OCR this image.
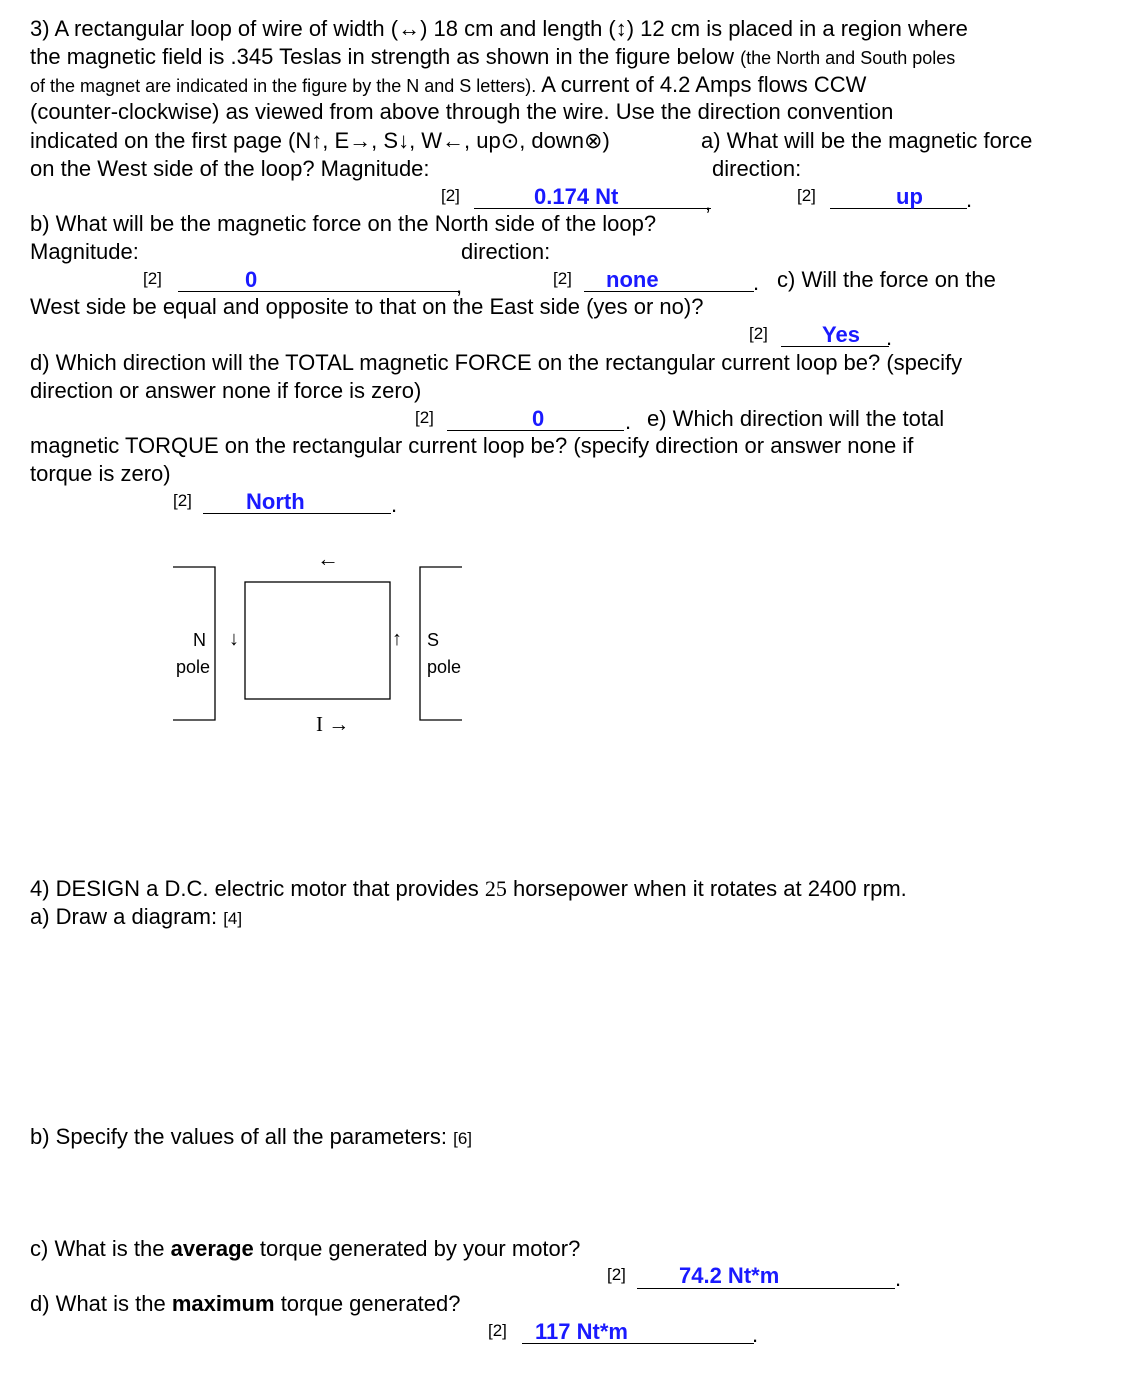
3) A rectangular loop of wire of width (↔) 18 cm and length (↕) 12 cm is placed in a region where
the magnetic field is .345 Teslas in strength as shown in the figure below (the North and South poles
of the magnet are indicated in the figure by the N and S letters). A current of 4.2 Amps flows CCW
(counter-clockwise) as viewed from above through the wire. Use the direction convention
indicated on the first page (N↑, E→, S↓, W←, up⊙, down⊗)	a) What will be the magnetic force
on the West side of the loop? Magnitude:	direction:
[2]	0.174 Nt	,	[2]	up .
b) What will be the magnetic force on the North side of the loop?
Magnitude:	direction:
[2]	0	,	[2] none	. c) Will the force on the
West side be equal and opposite to that on the East side (yes or no)?
[2] Yes .
d) Which direction will the TOTAL magnetic FORCE on the rectangular current loop be? (specify
direction or answer none if force is zero)
[2]	0	. e) Which direction will the total
magnetic TORQUE on the rectangular current loop be? (specify direction or answer none if
torque is zero)
[2] North	.
←
N ↓
pole
↑ S
pole
I →
4) DESIGN a D.C. electric motor that provides 25 horsepower when it rotates at 2400 rpm.
a) Draw a diagram: [4]
b) Specify the values of all the parameters: [6]
c) What is the average torque generated by your motor?
[2] 74.2 Nt*m	.
d) What is the maximum torque generated?
[2] 117 Nt*m	.
